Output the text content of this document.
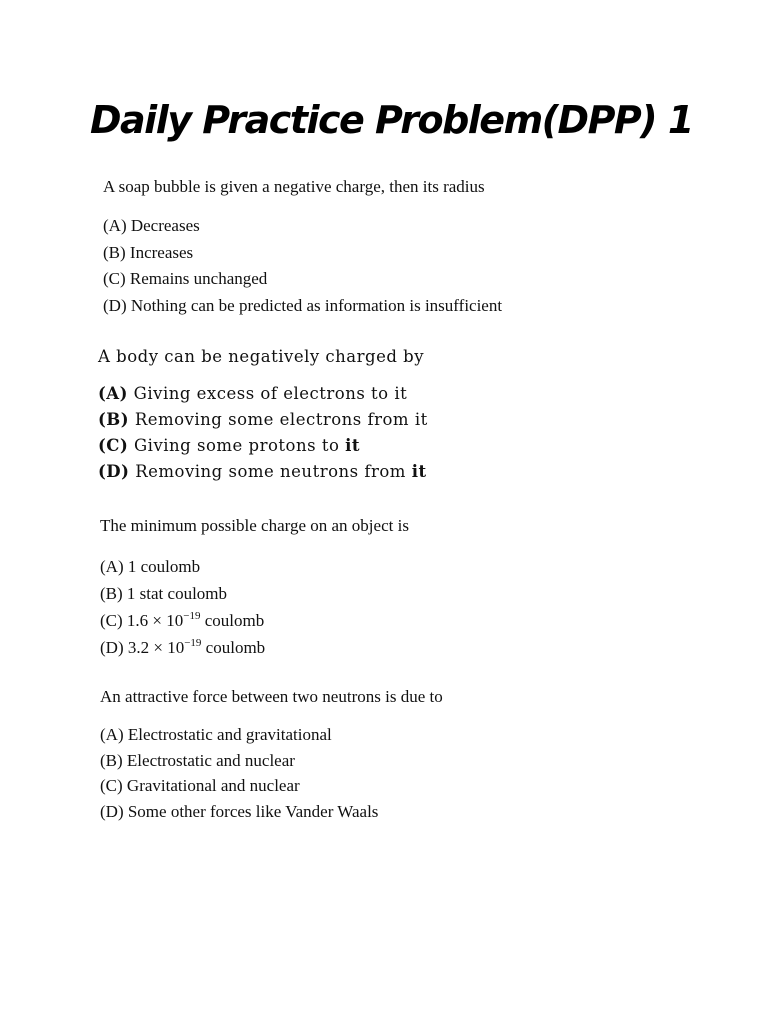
Daily Practice Problem(DPP) 1

A soap bubble is given a negative charge, then its radius

(A) Decreases
(B) Increases
(C) Remains unchanged
(D) Nothing can be predicted as information is insufficient

A body can be negatively charged by

(A) Giving excess of electrons to it
(B) Removing some electrons from it
(C) Giving some protons to it
(D) Removing some neutrons from it

The minimum possible charge on an object is

(A) 1 coulomb
(B) 1 stat coulomb
(C) $1.6 \times 10^{-19}$ coulomb
(D) $3.2 \times 10^{-19}$ coulomb

An attractive force between two neutrons is due to

(A) Electrostatic and gravitational
(B) Electrostatic and nuclear
(C) Gravitational and nuclear
(D) Some other forces like Vander Waals
